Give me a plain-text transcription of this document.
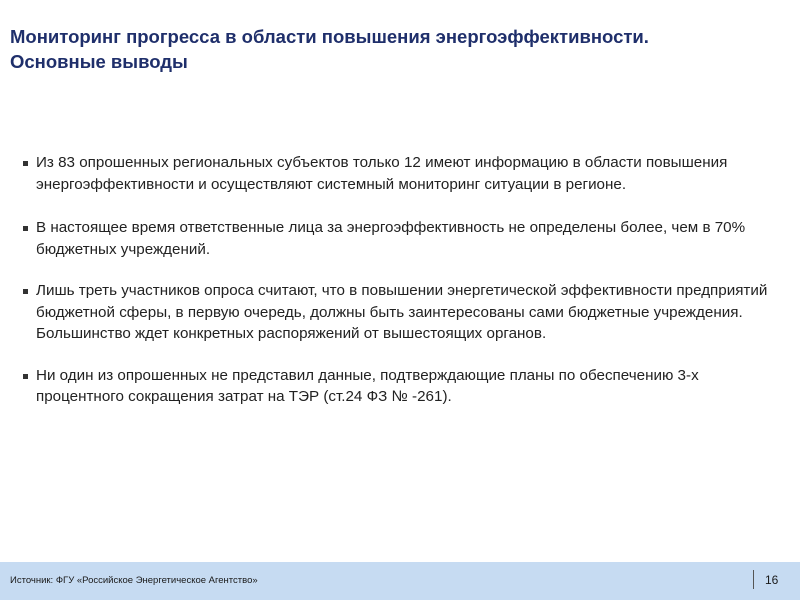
Мониторинг прогресса в области повышения энергоэффективности.
Основные выводы
Из 83 опрошенных региональных субъектов только 12 имеют информацию в области повышения энергоэффективности и осуществляют системный мониторинг ситуации в регионе.
В настоящее время ответственные лица за энергоэффективность не определены более, чем в 70% бюджетных учреждений.
Лишь треть участников опроса считают, что в повышении энергетической эффективности предприятий бюджетной сферы, в первую очередь, должны быть заинтересованы сами бюджетные учреждения. Большинство ждет конкретных распоряжений от вышестоящих органов.
Ни один из опрошенных не представил данные, подтверждающие планы по обеспечению 3-х процентного сокращения затрат на ТЭР (ст.24 ФЗ № -261).
Источник: ФГУ «Российское Энергетическое Агентство»	16
